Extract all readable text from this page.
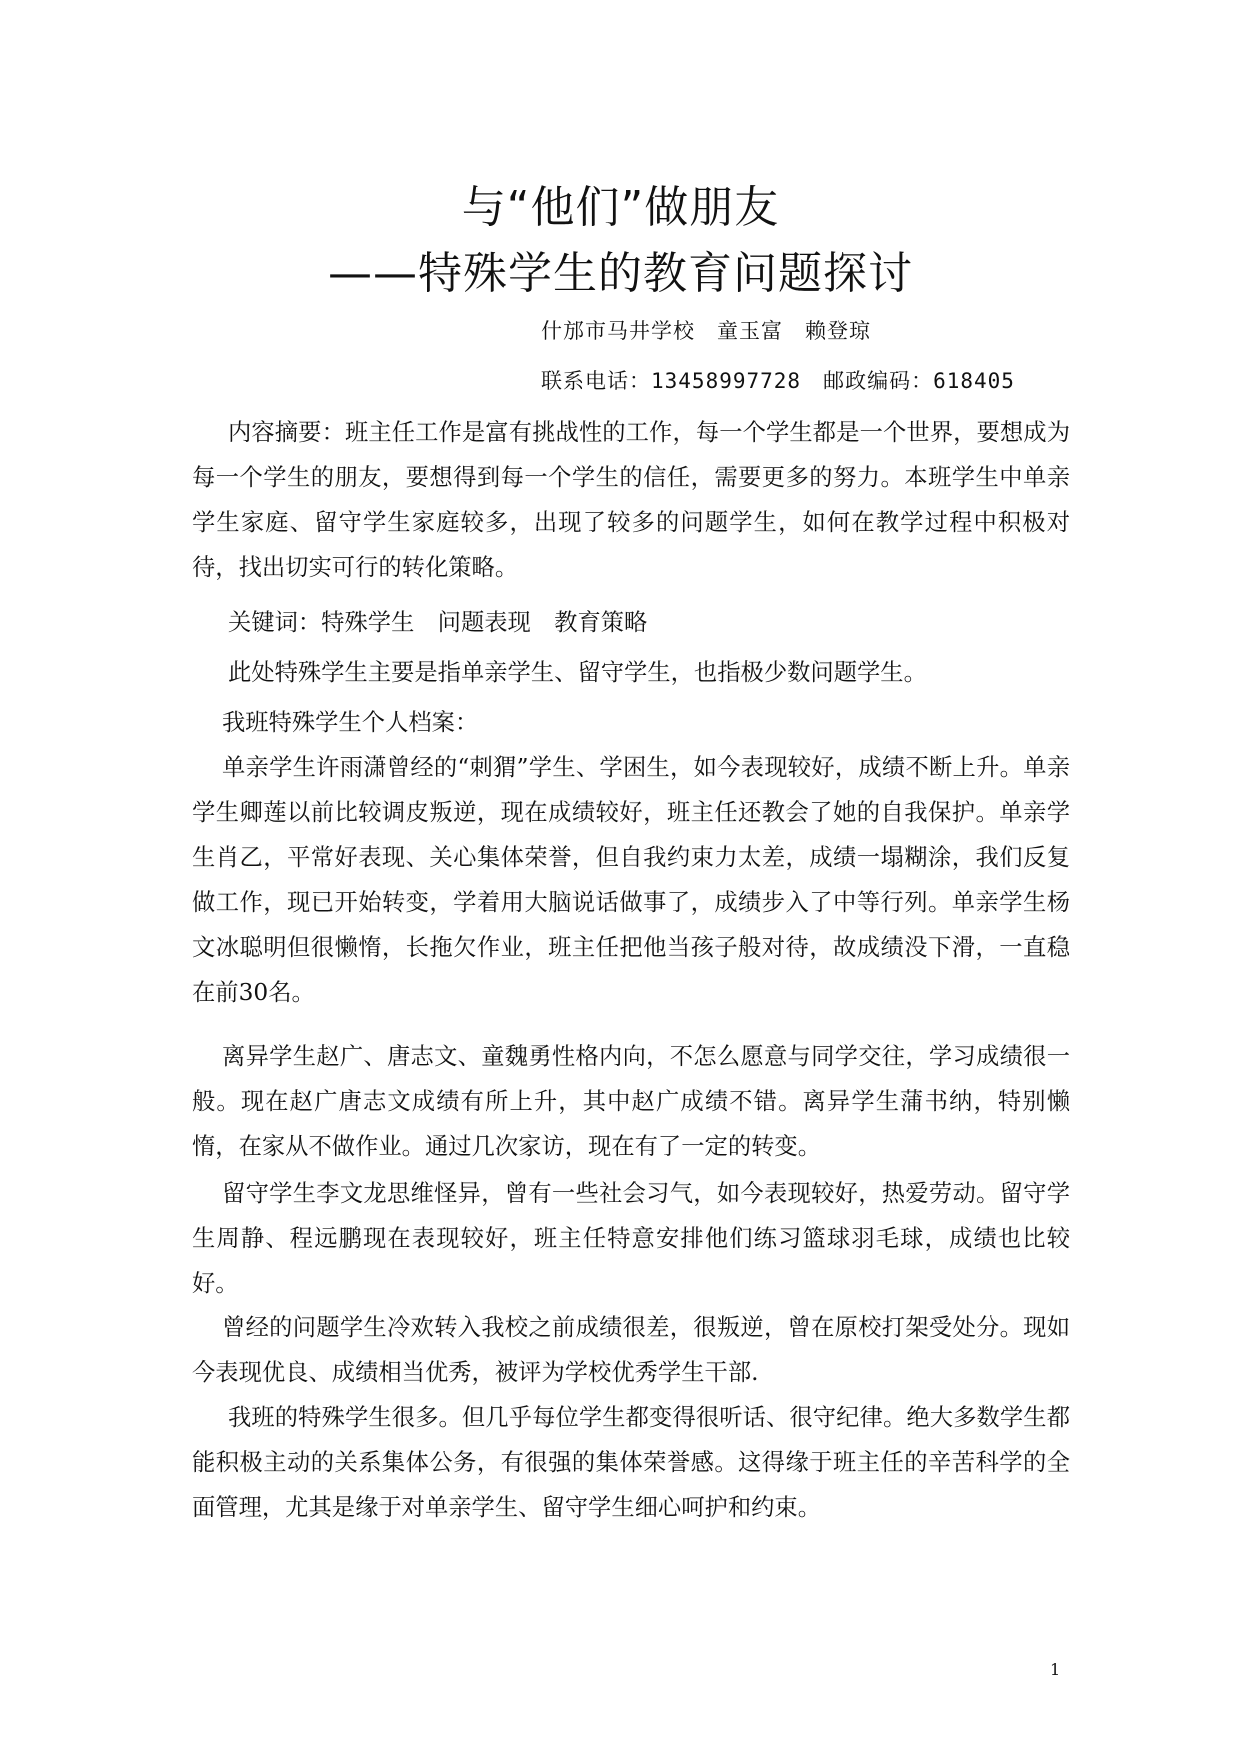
与“他们”做朋友
——特殊学生的教育问题探讨
什邡市马井学校　童玉富　赖登琼
联系电话：13458997728　邮政编码：618405

内容摘要：班主任工作是富有挑战性的工作，每一个学生都是一个世界，要想成为每一个学生的朋友，要想得到每一个学生的信任，需要更多的努力。本班学生中单亲学生家庭、留守学生家庭较多，出现了较多的问题学生，如何在教学过程中积极对待，找出切实可行的转化策略。

关键词：特殊学生　问题表现　教育策略

此处特殊学生主要是指单亲学生、留守学生，也指极少数问题学生。

我班特殊学生个人档案：

单亲学生许雨潇曾经的“刺猬”学生、学困生，如今表现较好，成绩不断上升。单亲学生卿莲以前比较调皮叛逆，现在成绩较好，班主任还教会了她的自我保护。单亲学生肖乙，平常好表现、关心集体荣誉，但自我约束力太差，成绩一塌糊涂，我们反复做工作，现已开始转变，学着用大脑说话做事了，成绩步入了中等行列。单亲学生杨文冰聪明但很懒惰，长拖欠作业，班主任把他当孩子般对待，故成绩没下滑，一直稳在前30名。

离异学生赵广、唐志文、童魏勇性格内向，不怎么愿意与同学交往，学习成绩很一般。现在赵广唐志文成绩有所上升，其中赵广成绩不错。离异学生蒲书纳，特别懒惰，在家从不做作业。通过几次家访，现在有了一定的转变。

留守学生李文龙思维怪异，曾有一些社会习气，如今表现较好，热爱劳动。留守学生周静、程远鹏现在表现较好，班主任特意安排他们练习篮球羽毛球，成绩也比较好。

曾经的问题学生冷欢转入我校之前成绩很差，很叛逆，曾在原校打架受处分。现如今表现优良、成绩相当优秀，被评为学校优秀学生干部.

我班的特殊学生很多。但几乎每位学生都变得很听话、很守纪律。绝大多数学生都能积极主动的关系集体公务，有很强的集体荣誉感。这得缘于班主任的辛苦科学的全面管理，尤其是缘于对单亲学生、留守学生细心呵护和约束。

1
